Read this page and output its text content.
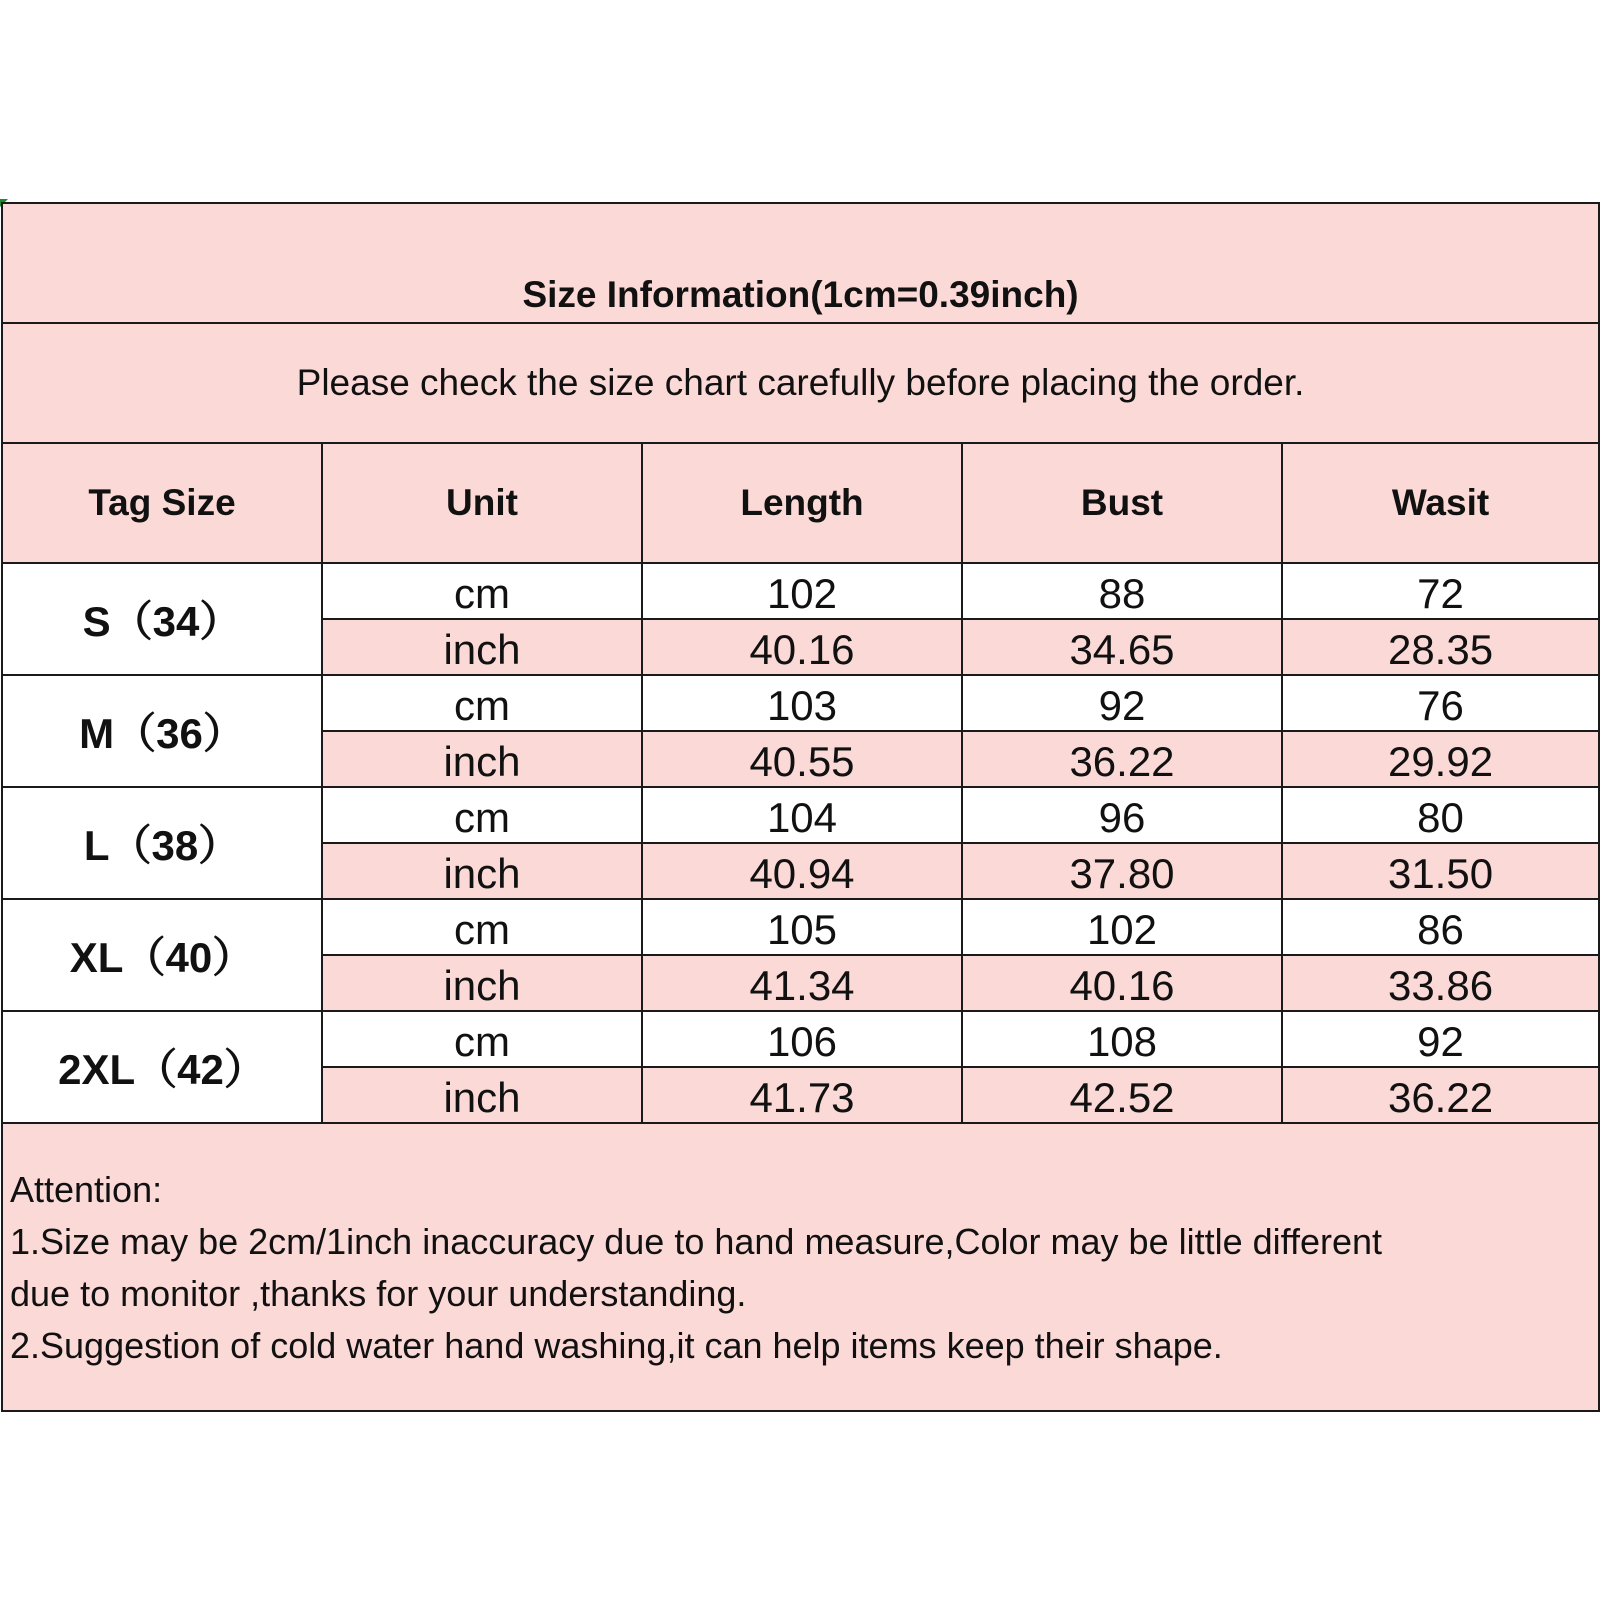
Size Information(1cm=0.39inch)				

Please check the size chart carefully before placing the order.				
Tag Size	Unit	Length	Bust	Wasit
S（34）	cm	102	88	72
	inch	40.16	34.65	28.35
M（36）	cm	103	92	76
	inch	40.55	36.22	29.92
L（38）	cm	104	96	80
	inch	40.94	37.80	31.50
XL（40）	cm	105	102	86
	inch	41.34	40.16	33.86
2XL（42）	cm	106	108	92
	inch	41.73	42.52	36.22

Attention:
1.Size may be 2cm/1inch inaccuracy due to hand measure,Color may be little different
due to monitor ,thanks for your understanding.
2.Suggestion of cold water hand washing,it can help items keep their shape.				
